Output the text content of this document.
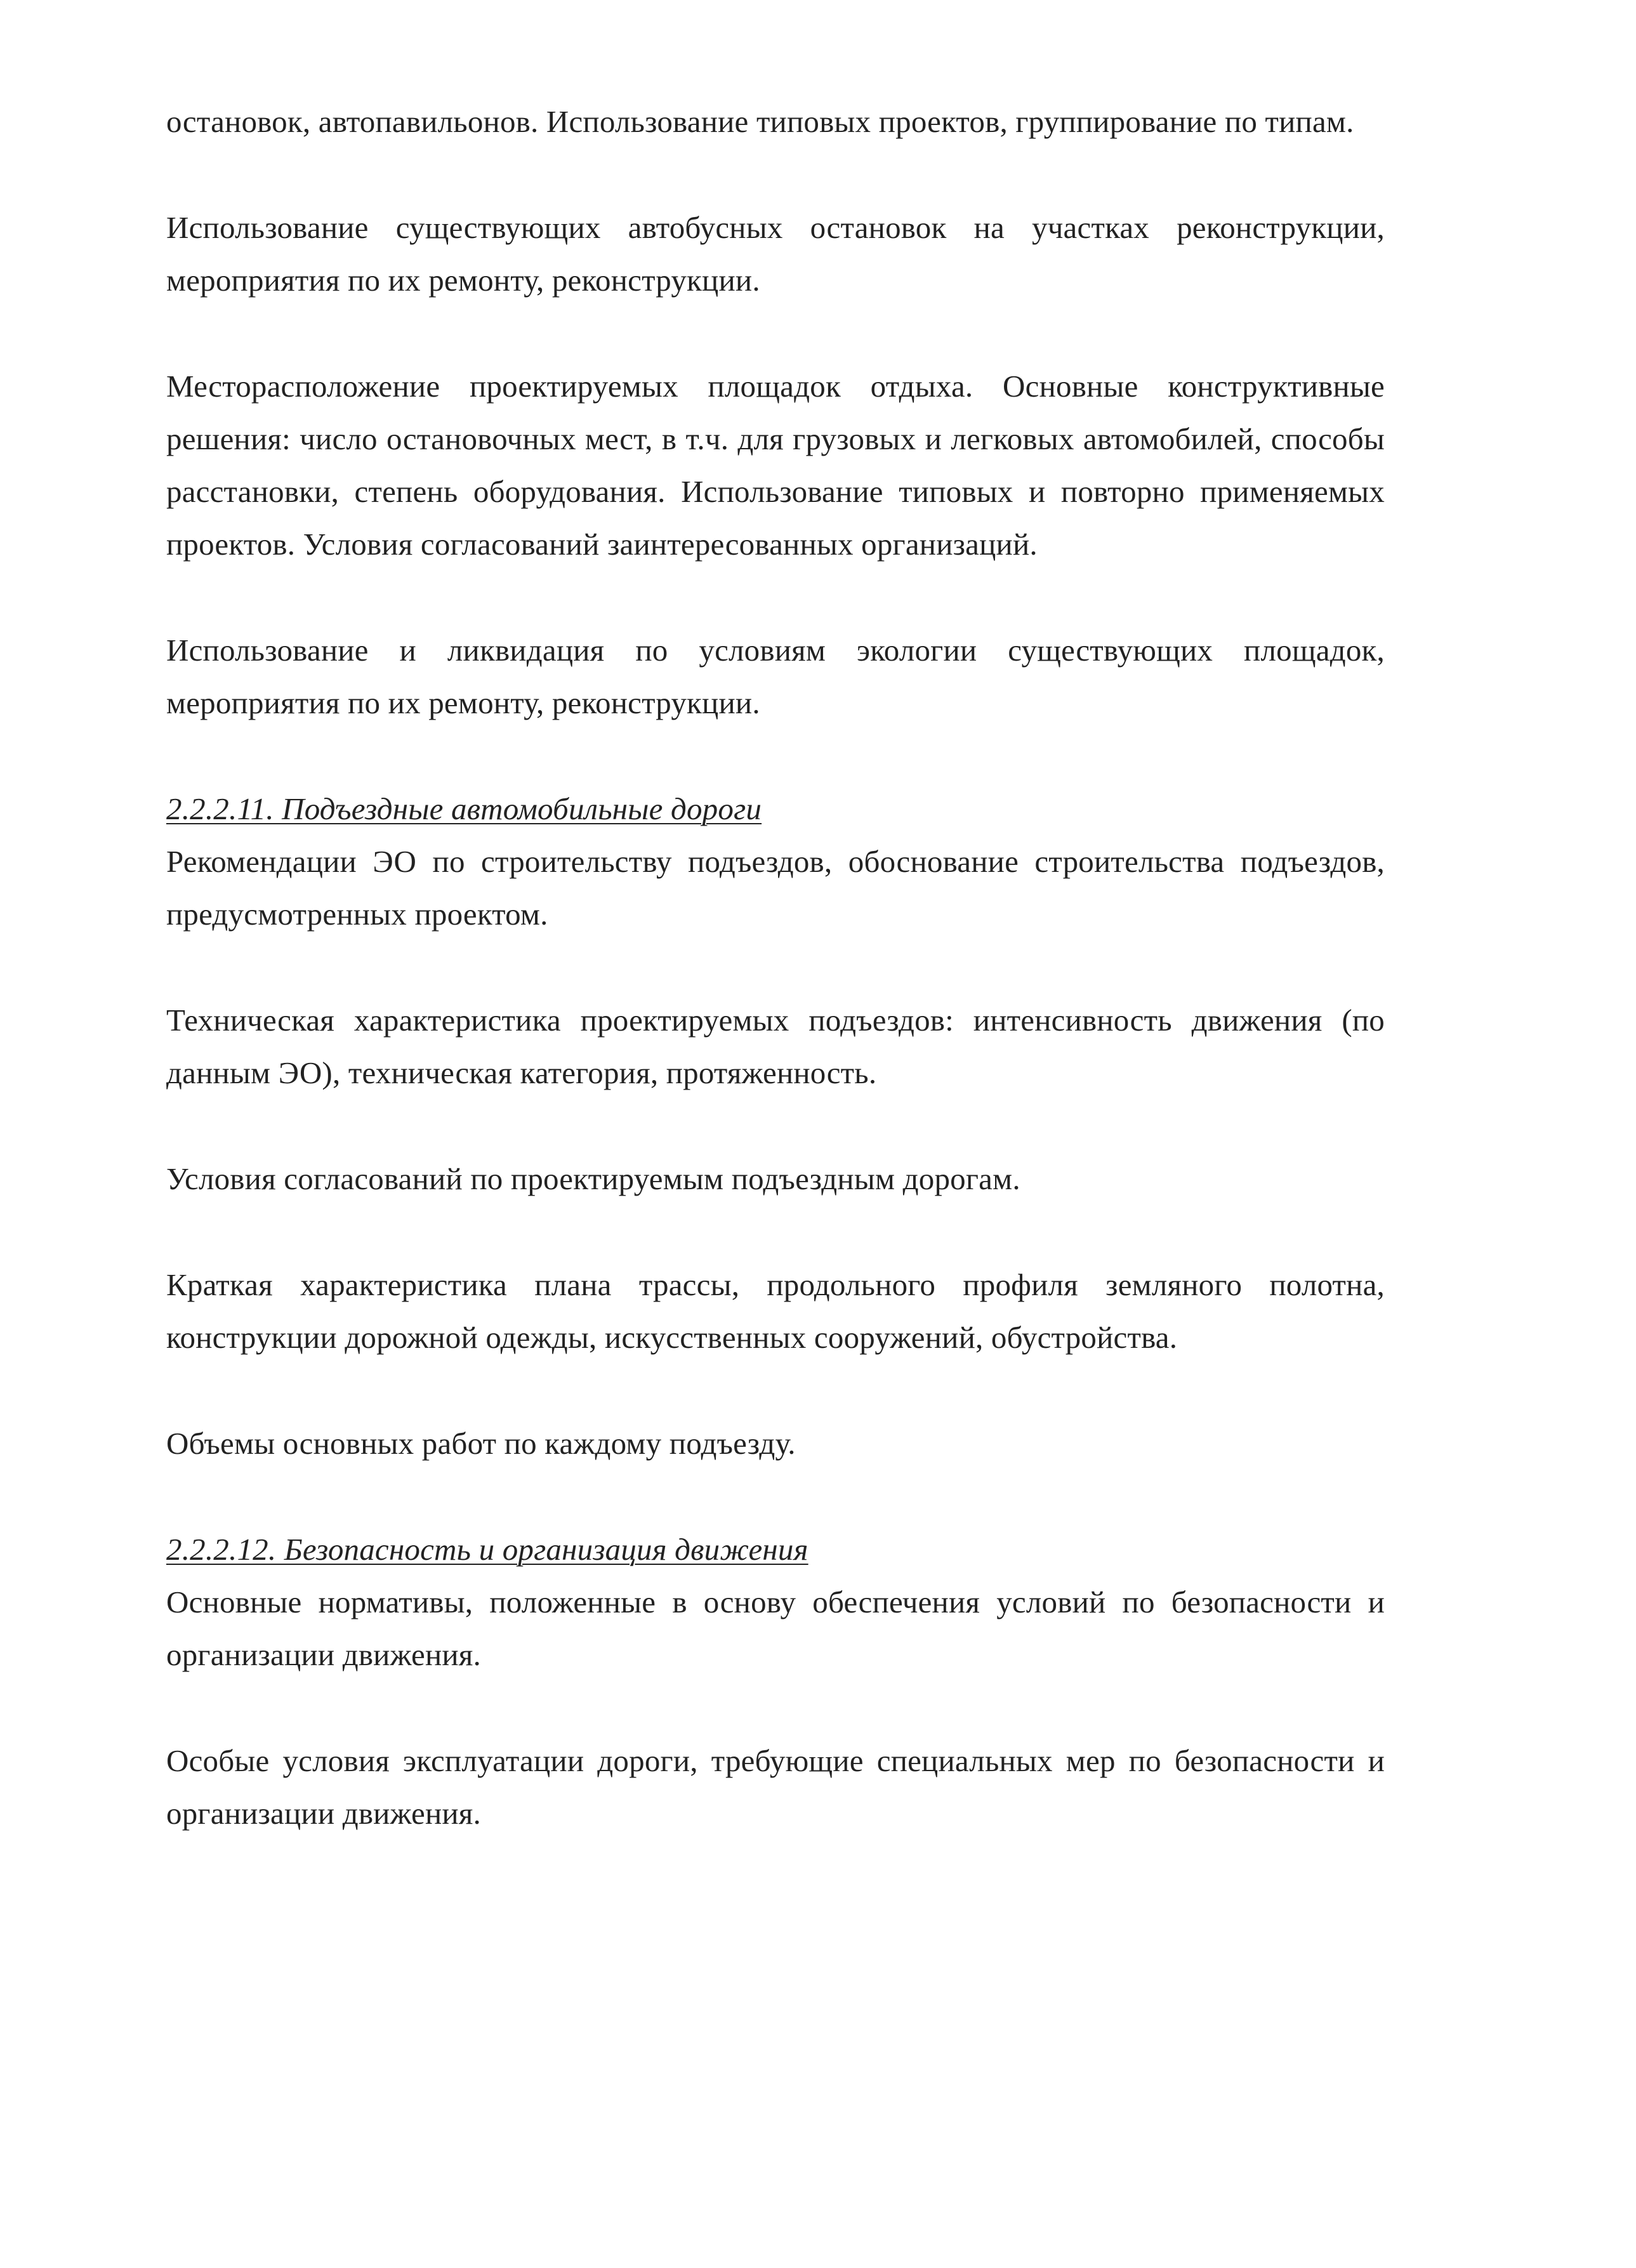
остановок, автопавильонов. Использование типовых проектов, группирование по типам.

Использование существующих автобусных остановок на участках реконструкции, мероприятия по их ремонту, реконструкции.

Месторасположение проектируемых площадок отдыха. Основные конструктивные решения: число остановочных мест, в т.ч. для грузовых и легковых автомобилей, способы расстановки, степень оборудования. Использование типовых и повторно применяемых проектов. Условия согласований заинтересованных организаций.

Использование и ликвидация по условиям экологии существующих площадок, мероприятия по их ремонту, реконструкции.

2.2.2.11. Подъездные автомобильные дороги

Рекомендации ЭО по строительству подъездов, обоснование строительства подъездов, предусмотренных проектом.

Техническая характеристика проектируемых подъездов: интенсивность движения (по данным ЭО), техническая категория, протяженность.

Условия согласований по проектируемым подъездным дорогам.

Краткая характеристика плана трассы, продольного профиля земляного полотна, конструкции дорожной одежды, искусственных сооружений, обустройства.

Объемы основных работ по каждому подъезду.

2.2.2.12. Безопасность и организация движения

Основные нормативы, положенные в основу обеспечения условий по безопасности и организации движения.

Особые условия эксплуатации дороги, требующие специальных мер по безопасности и организации движения.
